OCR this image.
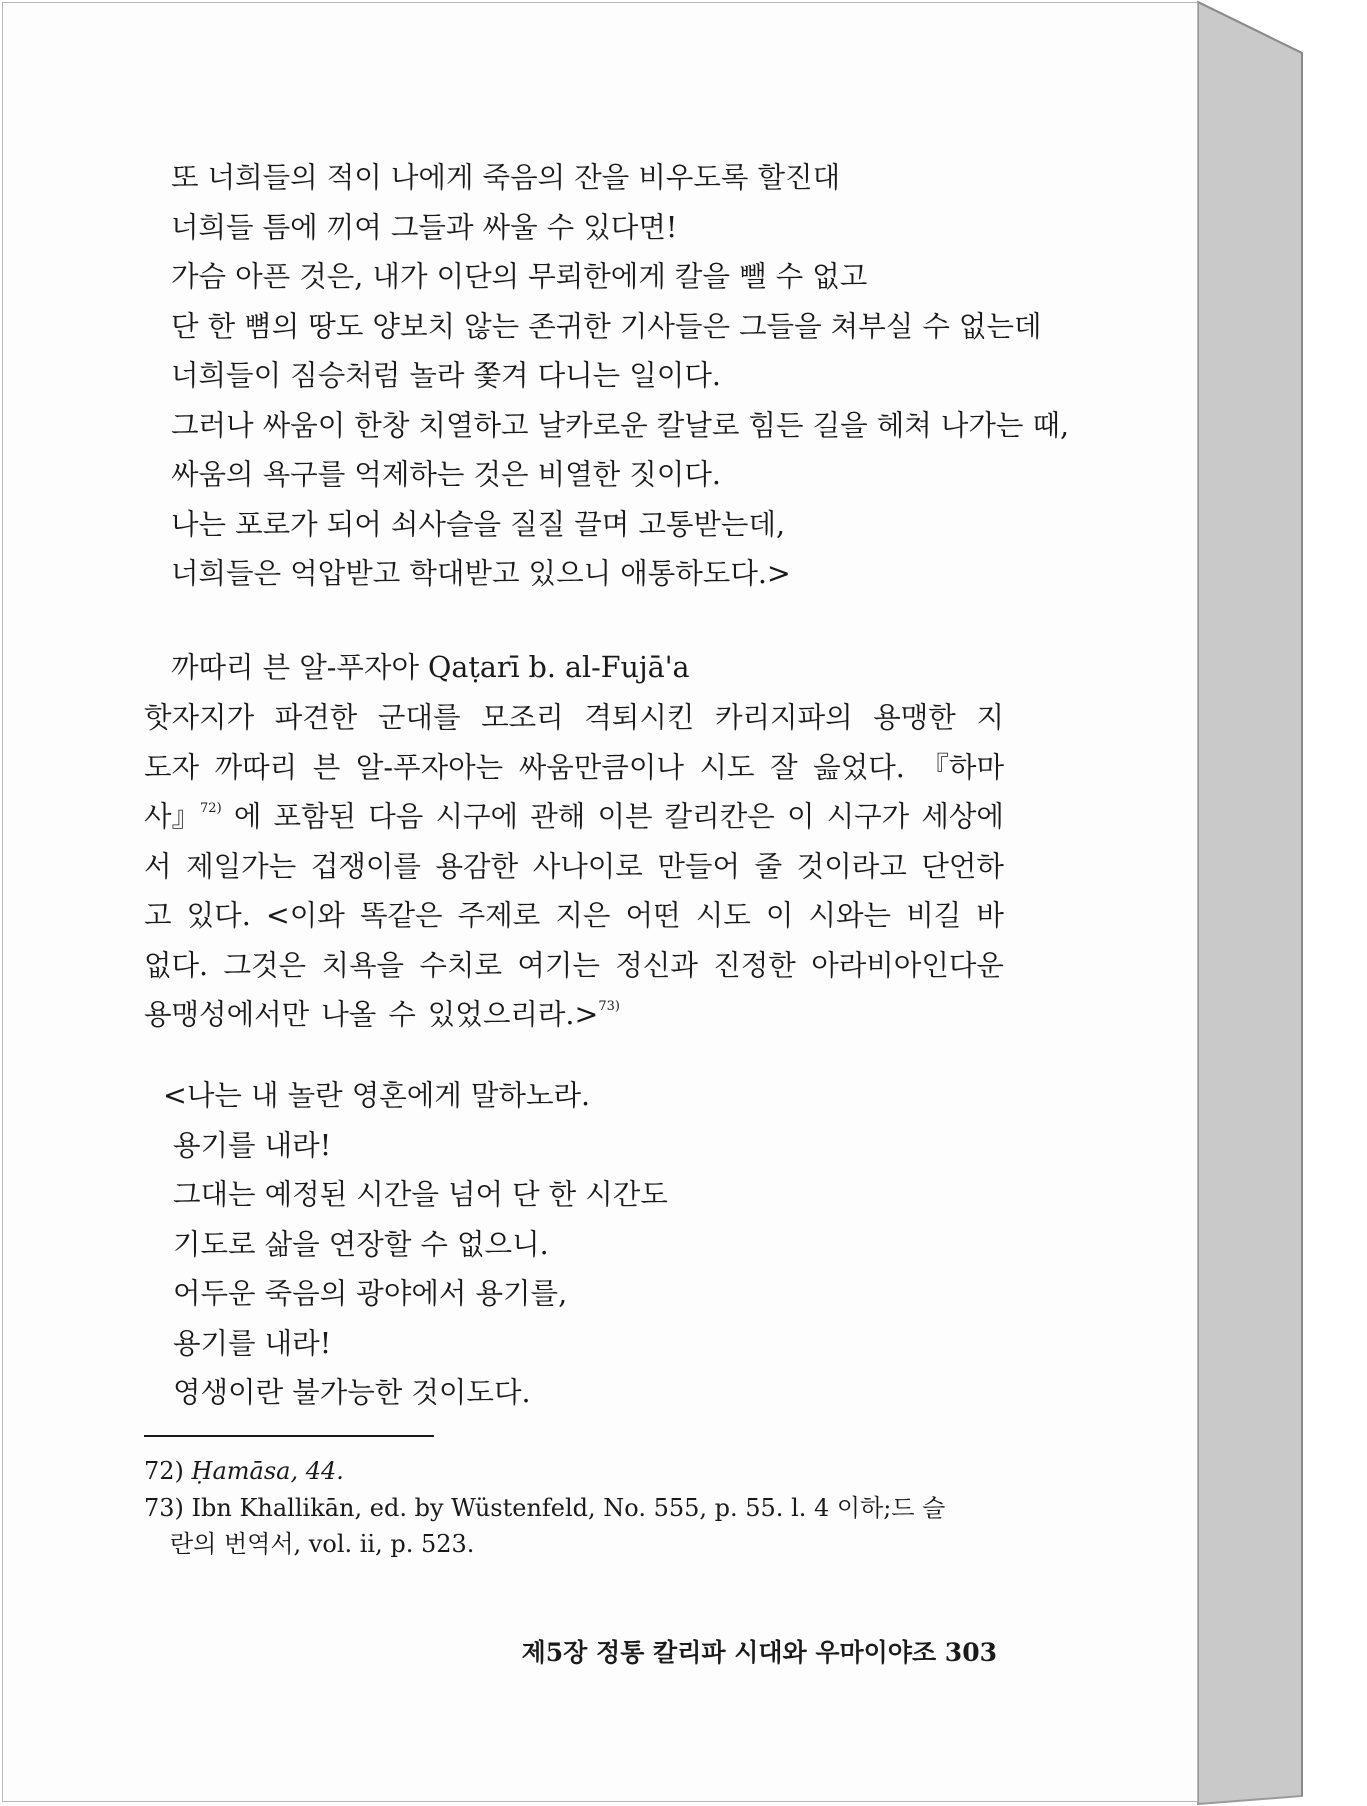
또 너희들의 적이 나에게 죽음의 잔을 비우도록 할진대
너희들 틈에 끼여 그들과 싸울 수 있다면!
가슴 아픈 것은, 내가 이단의 무뢰한에게 칼을 뺄 수 없고
단 한 뼘의 땅도 양보치 않는 존귀한 기사들은 그들을 쳐부실 수 없는데
너희들이 짐승처럼 놀라 쫓겨 다니는 일이다.
그러나 싸움이 한창 치열하고 날카로운 칼날로 힘든 길을 헤쳐 나가는 때,
싸움의 욕구를 억제하는 것은 비열한 짓이다.
나는 포로가 되어 쇠사슬을 질질 끌며 고통받는데,
너희들은 억압받고 학대받고 있으니 애통하도다.>
까따리 븐 알-푸자아 Qaṭarī b. al-Fujā'a
핫자지가 파견한 군대를 모조리 격퇴시킨 카리지파의 용맹한 지
도자 까따리 븐 알-푸자아는 싸움만큼이나 시도 잘 읊었다. 『하마
사』$^{72)}$ 에 포함된 다음 시구에 관해 이븐 칼리칸은 이 시구가 세상에
서 제일가는 겁쟁이를 용감한 사나이로 만들어 줄 것이라고 단언하
고 있다. <이와 똑같은 주제로 지은 어떤 시도 이 시와는 비길 바
없다. 그것은 치욕을 수치로 여기는 정신과 진정한 아라비아인다운
용맹성에서만 나올 수 있었으리라.>$^{73)}$
<나는 내 놀란 영혼에게 말하노라.
용기를 내라!
그대는 예정된 시간을 넘어 단 한 시간도
기도로 삶을 연장할 수 없으니.
어두운 죽음의 광야에서 용기를,
용기를 내라!
영생이란 불가능한 것이도다.
72) Ḥamāsa, 44.
73) Ibn Khallikān, ed. by Wüstenfeld, No. 555, p. 55. l. 4 이하;드 슬
란의 번역서, vol. ii, p. 523.
제5장 정통 칼리파 시대와 우마이야조 303
